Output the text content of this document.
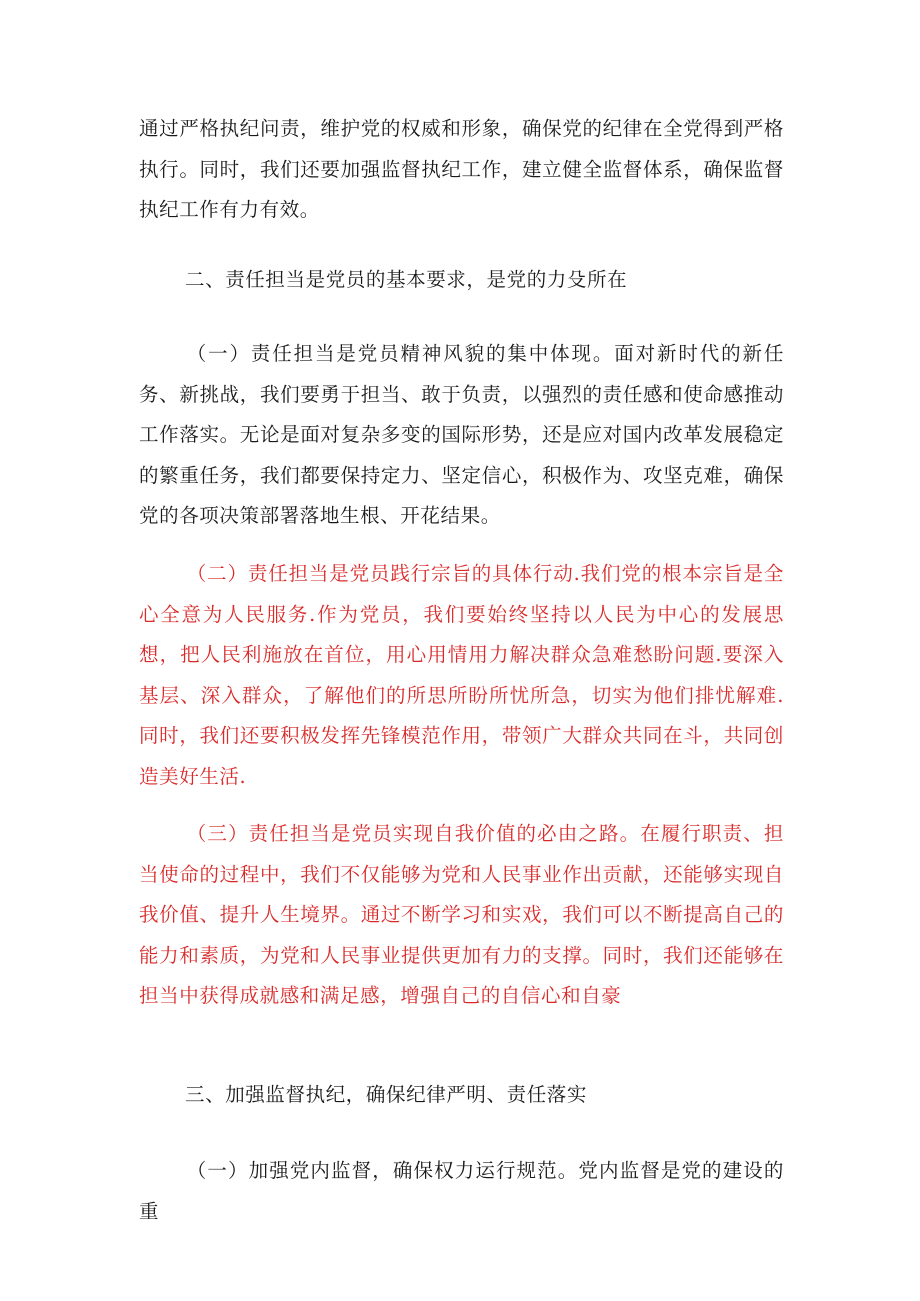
通过严格执纪问责，维护党的权威和形象，确保党的纪律在全党得到严格执行。同时，我们还要加强监督执纪工作，建立健全监督体系，确保监督执纪工作有力有效。

二、责任担当是党员的基本要求，是党的力殳所在

（一）责任担当是党员精神风貌的集中体现。面对新时代的新任务、新挑战，我们要勇于担当、敢于负责，以强烈的责任感和使命感推动工作落实。无论是面对复杂多变的国际形势，还是应对国内改革发展稳定的繁重任务，我们都要保持定力、坚定信心，积极作为、攻坚克难，确保党的各项决策部署落地生根、开花结果。

（二）责任担当是党员践行宗旨的具体行动.我们党的根本宗旨是全心全意为人民服务.作为党员，我们要始终坚持以人民为中心的发展思想，把人民利施放在首位，用心用情用力解决群众急难愁盼问题.要深入基层、深入群众，了解他们的所思所盼所忧所急，切实为他们排忧解难.同时，我们还要积极发挥先锋模范作用，带领广大群众共同在斗，共同创造美好生活.

（三）责任担当是党员实现自我价值的必由之路。在履行职责、担当使命的过程中，我们不仅能够为党和人民事业作出贡献，还能够实现自我价值、提升人生境界。通过不断学习和实戏，我们可以不断提高自己的能力和素质，为党和人民事业提供更加有力的支撑。同时，我们还能够在担当中获得成就感和满足感，增强自己的自信心和自豪

三、加强监督执纪，确保纪律严明、责任落实

（一）加强党内监督，确保权力运行规范。党内监督是党的建设的重
